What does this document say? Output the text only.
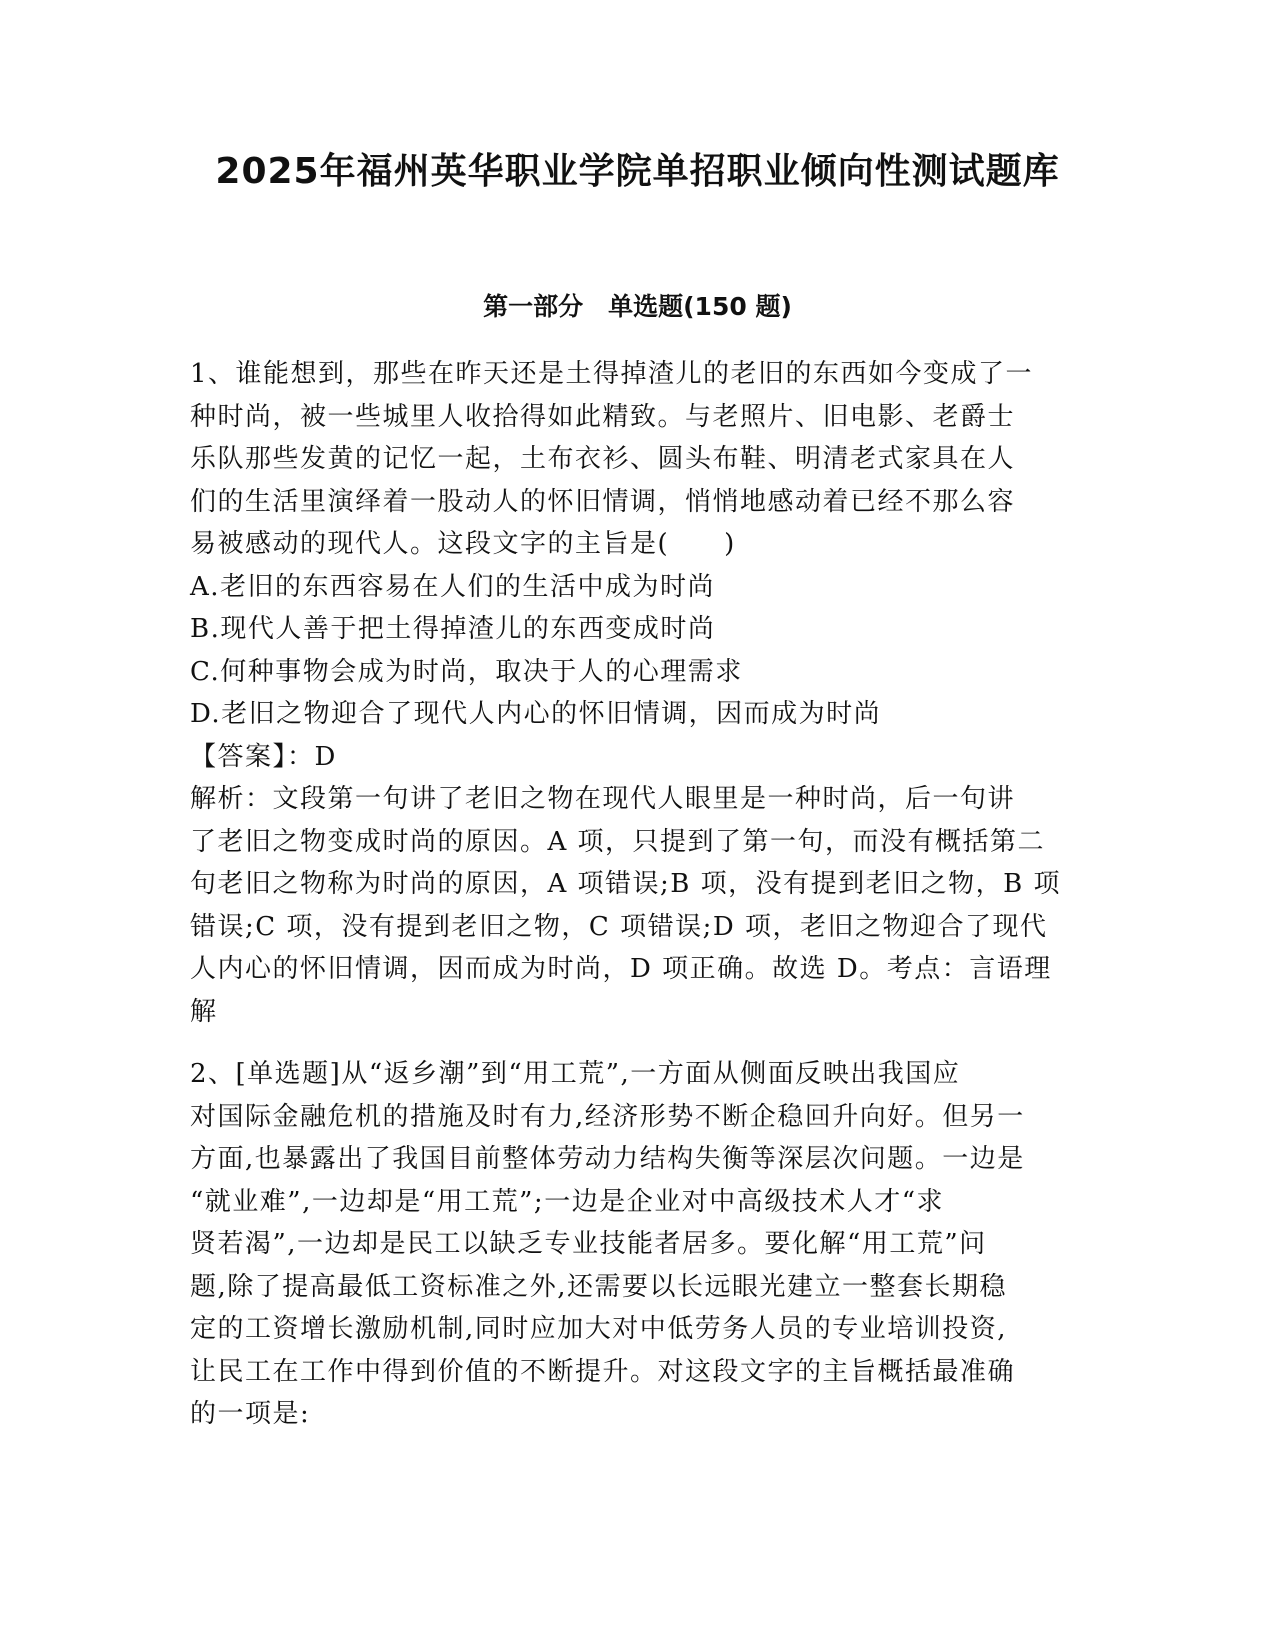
2025年福州英华职业学院单招职业倾向性测试题库
第一部分　单选题(150 题)

1、谁能想到，那些在昨天还是土得掉渣儿的老旧的东西如今变成了一

种时尚，被一些城里人收拾得如此精致。与老照片、旧电影、老爵士

乐队那些发黄的记忆一起，土布衣衫、圆头布鞋、明清老式家具在人

们的生活里演绎着一股动人的怀旧情调，悄悄地感动着已经不那么容

易被感动的现代人。这段文字的主旨是(　　)

A.老旧的东西容易在人们的生活中成为时尚

B.现代人善于把土得掉渣儿的东西变成时尚

C.何种事物会成为时尚，取决于人的心理需求

D.老旧之物迎合了现代人内心的怀旧情调，因而成为时尚

【答案】：D

解析：文段第一句讲了老旧之物在现代人眼里是一种时尚，后一句讲

了老旧之物变成时尚的原因。A 项，只提到了第一句，而没有概括第二

句老旧之物称为时尚的原因，A 项错误;B 项，没有提到老旧之物，B 项

错误;C 项，没有提到老旧之物，C 项错误;D 项，老旧之物迎合了现代

人内心的怀旧情调，因而成为时尚，D 项正确。故选 D。考点：言语理

解

2、[单选题]从“返乡潮”到“用工荒”,一方面从侧面反映出我国应

对国际金融危机的措施及时有力,经济形势不断企稳回升向好。但另一

方面,也暴露出了我国目前整体劳动力结构失衡等深层次问题。一边是

“就业难”,一边却是“用工荒”;一边是企业对中高级技术人才“求

贤若渴”,一边却是民工以缺乏专业技能者居多。要化解“用工荒”问

题,除了提高最低工资标准之外,还需要以长远眼光建立一整套长期稳

定的工资增长激励机制,同时应加大对中低劳务人员的专业培训投资,

让民工在工作中得到价值的不断提升。对这段文字的主旨概括最准确

的一项是:
